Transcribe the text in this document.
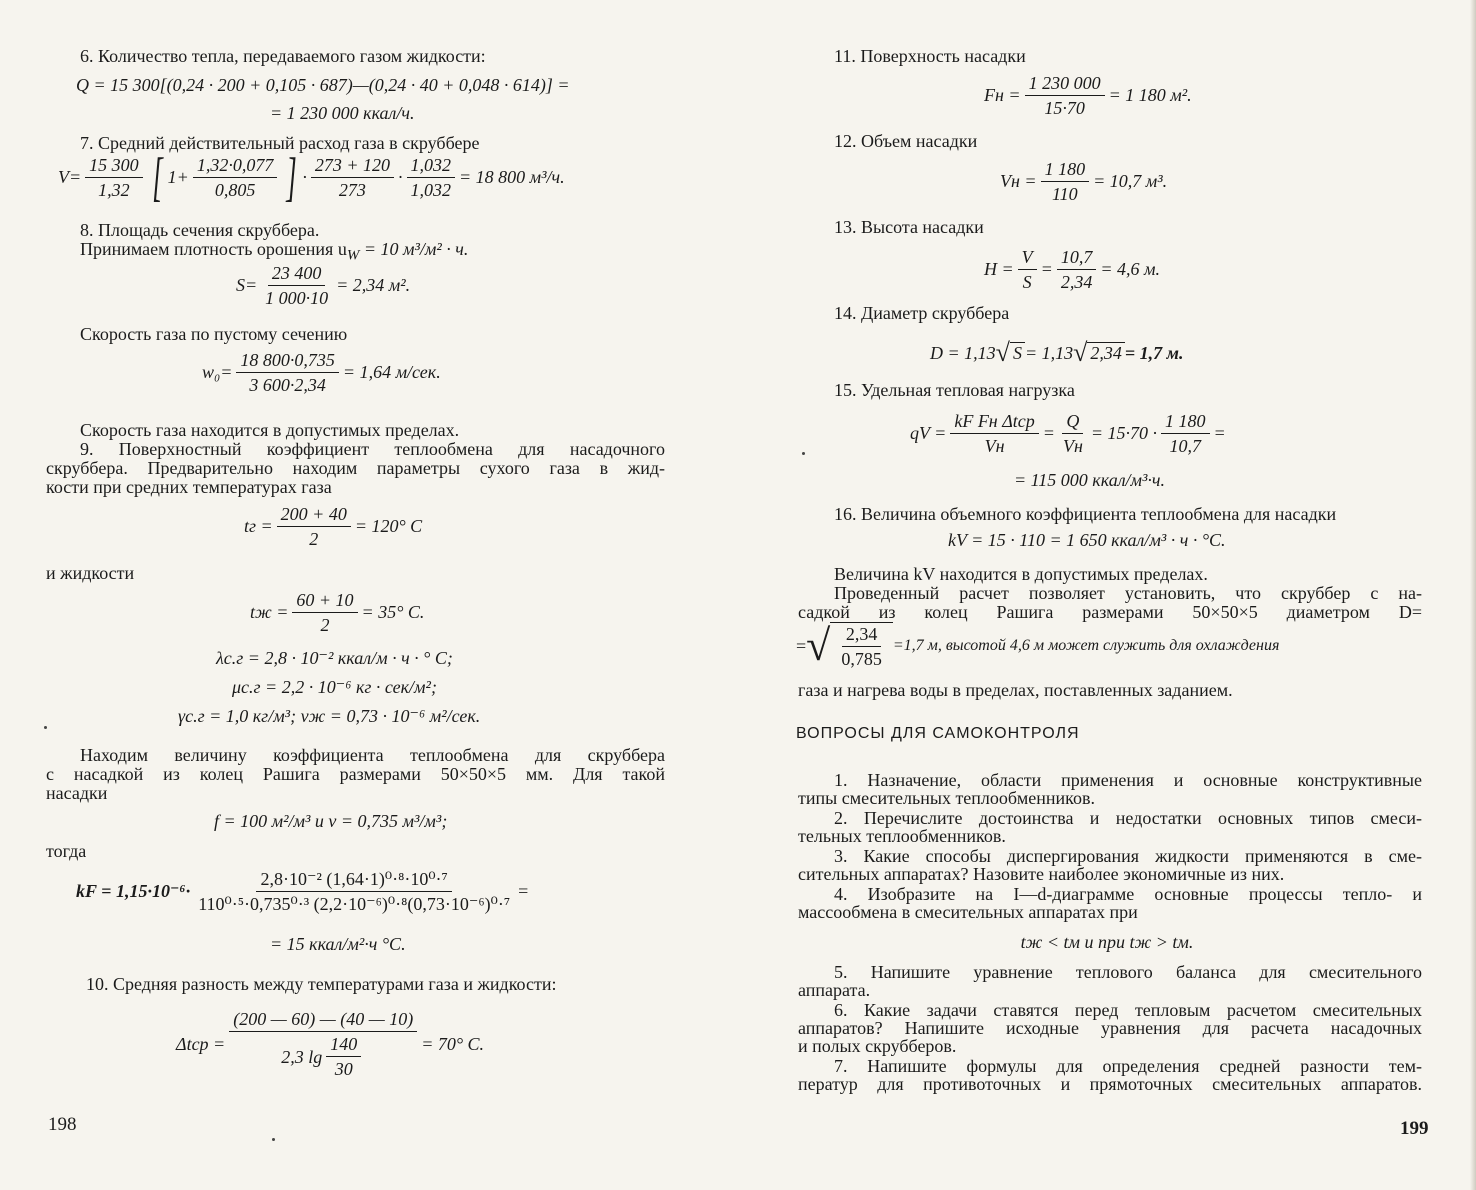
6. Количество тепла, передаваемого газом жидкости:
Q = 15 300[(0,24 · 200 + 0,105 · 687)—(0,24 · 40 + 0,048 · 614)] =
= 1 230 000 ккал/ч.
7. Средний действительный расход газа в скруббере
$V= \frac{15 300}{1,32}$ [ $1+ \frac{1,32\cdot 0,077}{0,805}$ ] · $\frac{273 + 120}{273} \cdot \frac{1,032}{1,032} = 18$ 800 м³/ч.
8. Площадь сечения скруббера.
Принимаем плотность орошения $u_W = 10$ м³/м² · ч.
$S= \frac{23 400}{1 000\cdot 10} = 2,34$ м².
Скорость газа по пустому сечению
$w_0= \frac{18 800\cdot 0,735}{3 600\cdot 2,34} = 1,64$ м/сек.
Скорость газа находится в допустимых пределах.
9. Поверхностный коэффициент теплообмена для насадочного
скруббера. Предварительно находим параметры сухого газа в жид-
кости при средних температурах газа
tг = $\frac{200 + 40}{2} = 120^\circ$ C
и жидкости
tж = $\frac{60 + 10}{2} = 35^\circ$ C.
λс.г = 2,8 · 10⁻² ккал/м · ч · ° C;
μс.г = 2,2 · 10⁻⁶ кг · сек/м²;
γс.г = 1,0 кг/м³; νж = 0,73 · 10⁻⁶ м²/сек.
Находим величину коэффициента теплообмена для скруббера
с насадкой из колец Рашига размерами 50×50×5 мм. Для такой
насадки
f = 100 м²/м³ и v = 0,735 м³/м³;
тогда
kF = $1,15\cdot 10^{-6}\cdot \frac{\text{2,8·10⁻² (1,64·1)⁰·⁸·10⁰·⁷}}{\text{110⁰·⁵·0,735⁰·³ (2,2·10⁻⁶)⁰·⁸(0,73·10⁻⁶)⁰·⁷}}$ =
= 15 ккал/м²·ч °C.
10. Средняя разность между температурами газа и жидкости:
$\Delta tср = \frac{(200 — 60) — (40 — 10)}{2,3 \lg \frac{140}{30}} = 70^\circ$ C.
198
11. Поверхность насадки
Fн = $\frac{1 230 000}{15\cdot 70} = 1$ 180 м².
12. Объем насадки
Vн = $\frac{1 180}{110} = 10,7$ м³.
13. Высота насадки
$H = \frac{V}{S} = \frac{10,7}{2,34} = 4,6$ м.
14. Диаметр скруббера
D = 1,13 √ S = 1,13 √ 2,34 = 1,7 м.
15. Удельная тепловая нагрузка
qV = $\frac{\text{kF Fн Δtср}}{Vн} = \frac{Q}{Vн} = 15\cdot 70 \cdot \frac{1 180}{10,7}$ =
= 115 000 ккал/м³·ч.
16. Величина объемного коэффициента теплообмена для насадки
kV = 15 · 110 = 1 650 ккал/м³ · ч · °C.
Величина kV находится в допустимых пределах.
Проведенный расчет позволяет установить, что скруббер с на-
садкой из колец Рашига размерами 50×50×5 диаметром D=
= √ $\frac{2,34}{0,785} =1,7$ м, высотой 4,6 м может служить для охлаждения
газа и нагрева воды в пределах, поставленных заданием.
ВОПРОСЫ ДЛЯ САМОКОНТРОЛЯ
1. Назначение, области применения и основные конструктивные
типы смесительных теплообменников.
2. Перечислите достоинства и недостатки основных типов смеси-
тельных теплообменников.
3. Какие способы диспергирования жидкости применяются в сме-
сительных аппаратах? Назовите наиболее экономичные из них.
4. Изобразите на I—d-диаграмме основные процессы тепло- и
массообмена в смесительных аппаратах при
tж < tм и при tж > tм.
5. Напишите уравнение теплового баланса для смесительного
аппарата.
6. Какие задачи ставятся перед тепловым расчетом смесительных
аппаратов? Напишите исходные уравнения для расчета насадочных
и полых скрубберов.
7. Напишите формулы для определения средней разности тем-
ператур для противоточных и прямоточных смесительных аппаратов.
199
